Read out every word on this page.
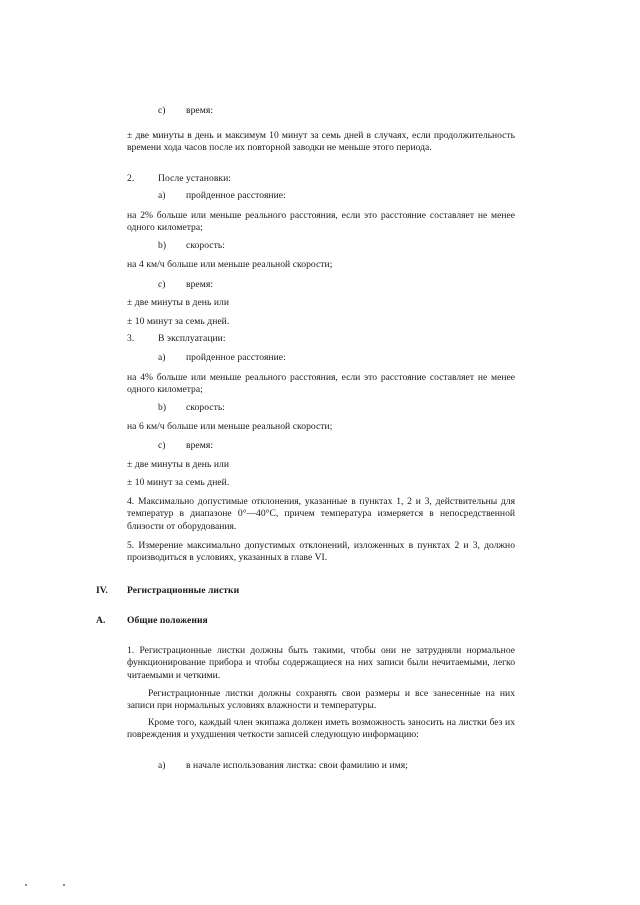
c) время:
± две минуты в день и максимум 10 минут за семь дней в случаях, если продолжительность времени хода часов после их повторной заводки не меньше этого периода.
2. После установки:
a) пройденное расстояние:
на 2% больше или меньше реального расстояния, если это расстояние составляет не менее одного километра;
b) скорость:
на 4 км/ч больше или меньше реальной скорости;
c) время:
± две минуты в день или
± 10 минут за семь дней.
3. В эксплуатации:
a) пройденное расстояние:
на 4% больше или меньше реального расстояния, если это расстояние составляет не менее одного километра;
b) скорость:
на 6 км/ч больше или меньше реальной скорости;
c) время:
± две минуты в день или
± 10 минут за семь дней.
4. Максимально допустимые отклонения, указанные в пунктах 1, 2 и 3, действительны для температур в диапазоне 0°—40°С, причем температура измеряется в непосредственной близости от оборудования.
5. Измерение максимально допустимых отклонений, изложенных в пунктах 2 и 3, должно производиться в условиях, указанных в главе VI.
IV. Регистрационные листки
A. Общие положения
1. Регистрационные листки должны быть такими, чтобы они не затрудняли нормальное функционирование прибора и чтобы содержащиеся на них записи были нечитаемыми, легко читаемыми и четкими.
Регистрационные листки должны сохранять свои размеры и все занесенные на них записи при нормальных условиях влажности и температуры.
Кроме того, каждый член экипажа должен иметь возможность заносить на листки без их повреждения и ухудшения четкости записей следующую информацию:
a) в начале использования листка: свои фамилию и имя;
